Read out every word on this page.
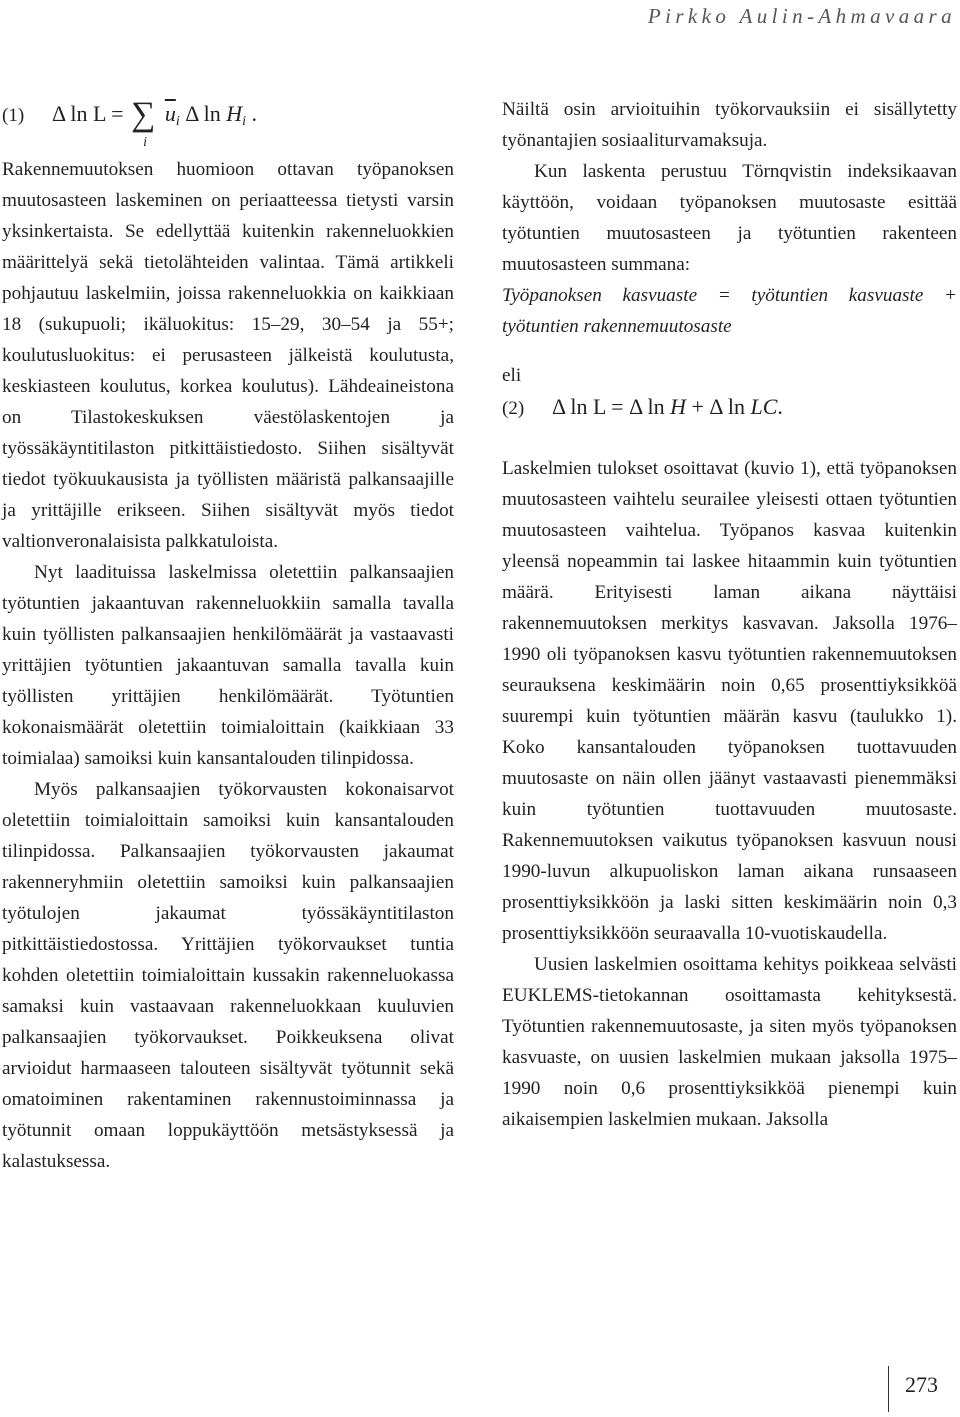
Pirkko Aulin-Ahmavaara
(1)	Δ ln L = ∑
i
$\overline{u}_i$ Δ $\ln H_i$ .

Rakennemuutoksen huomioon ottavan työpanoksen muutosasteen laskeminen on periaatteessa tietysti varsin yksinkertaista. Se edellyttää kuitenkin rakenneluokkien määrittelyä sekä tietolähteiden valintaa. Tämä artikkeli pohjautuu laskelmiin, joissa rakenneluokkia on kaikkiaan 18 (sukupuoli; ikäluokitus: 15–29, 30–54 ja 55+; koulutusluokitus: ei perusasteen jälkeistä koulutusta, keskiasteen koulutus, korkea koulutus). Lähdeaineistona on Tilastokeskuksen väestölaskentojen ja työssäkäyntitilaston pitkittäistiedosto. Siihen sisältyvät tiedot työkuukausista ja työllisten määristä palkansaajille ja yrittäjille erikseen. Siihen sisältyvät myös tiedot valtionveronalaisista palkkatuloista.

Nyt laadituissa laskelmissa oletettiin palkansaajien työtuntien jakaantuvan rakenneluokkiin samalla tavalla kuin työllisten palkansaajien henkilömäärät ja vastaavasti yrittäjien työtuntien jakaantuvan samalla tavalla kuin työllisten yrittäjien henkilömäärät. Työtuntien kokonaismäärät oletettiin toimialoittain (kaikkiaan 33 toimialaa) samoiksi kuin kansantalouden tilinpidossa.

Myös palkansaajien työkorvausten kokonaisarvot oletettiin toimialoittain samoiksi kuin kansantalouden tilinpidossa. Palkansaajien työkorvausten jakaumat rakenneryhmiin oletettiin samoiksi kuin palkansaajien työtulojen jakaumat työssäkäyntitilaston pitkittäistiedostossa. Yrittäjien työkorvaukset tuntia kohden oletettiin toimialoittain kussakin rakenneluokassa samaksi kuin vastaavaan rakenneluokkaan kuuluvien palkansaajien työkorvaukset. Poikkeuksena olivat arvioidut harmaaseen talouteen sisältyvät työtunnit sekä omatoiminen rakentaminen rakennustoiminnassa ja työtunnit omaan loppukäyttöön metsästyksessä ja kalastuksessa.

Näiltä osin arvioituihin työkorvauksiin ei sisällytetty työnantajien sosiaaliturvamaksuja.

Kun laskenta perustuu Törnqvistin indeksikaavan käyttöön, voidaan työpanoksen muutosaste esittää työtuntien muutosasteen ja työtuntien rakenteen muutosasteen summana:

Työpanoksen kasvuaste = työtuntien kasvuaste + työtuntien rakennemuutosaste

eli

(2)	Δ ln L = Δ ln H + Δ ln LC.

Laskelmien tulokset osoittavat (kuvio 1), että työpanoksen muutosasteen vaihtelu seurailee yleisesti ottaen työtuntien muutosasteen vaihtelua. Työpanos kasvaa kuitenkin yleensä nopeammin tai laskee hitaammin kuin työtuntien määrä. Erityisesti laman aikana näyttäisi rakennemuutoksen merkitys kasvavan. Jaksolla 1976–1990 oli työpanoksen kasvu työtuntien rakennemuutoksen seurauksena keskimäärin noin 0,65 prosenttiyksikköä suurempi kuin työtuntien määrän kasvu (taulukko 1). Koko kansantalouden työpanoksen tuottavuuden muutosaste on näin ollen jäänyt vastaavasti pienemmäksi kuin työtuntien tuottavuuden muutosaste. Rakennemuutoksen vaikutus työpanoksen kasvuun nousi 1990-luvun alkupuoliskon laman aikana runsaaseen prosenttiyksikköön ja laski sitten keskimäärin noin 0,3 prosenttiyksikköön seuraavalla 10-vuotiskaudella.

Uusien laskelmien osoittama kehitys poikkeaa selvästi EUKLEMS-tietokannan osoittamasta kehityksestä. Työtuntien rakennemuutosaste, ja siten myös työpanoksen kasvuaste, on uusien laskelmien mukaan jaksolla 1975–1990 noin 0,6 prosenttiyksikköä pienempi kuin aikaisempien laskelmien mukaan. Jaksolla

273
